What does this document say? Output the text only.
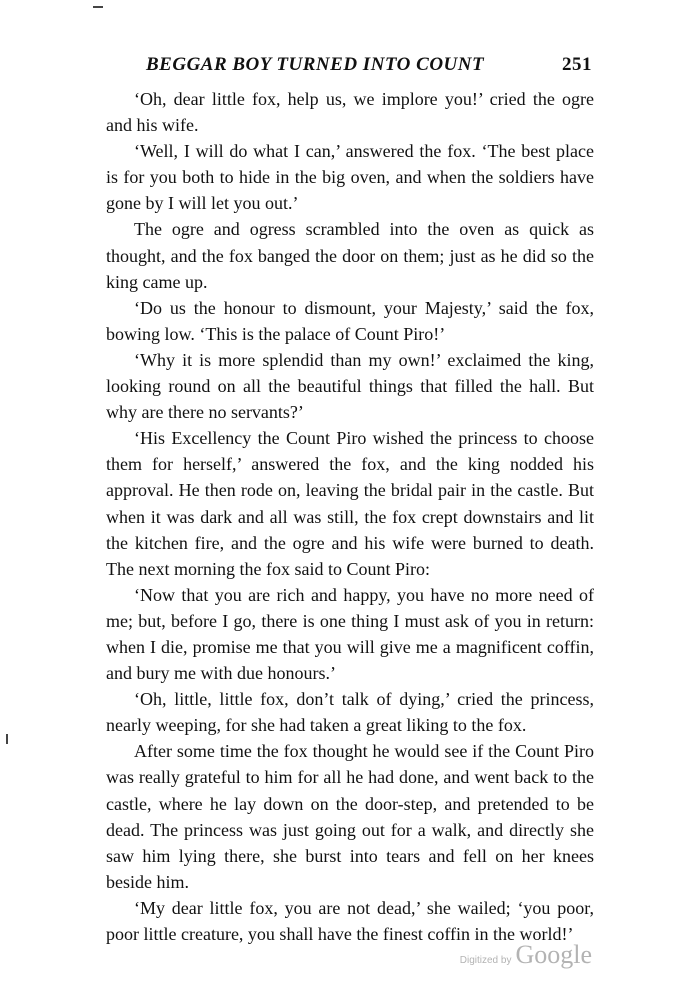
BEGGAR BOY TURNED INTO COUNT	251

‘Oh, dear little fox, help us, we implore you!’ cried the ogre and his wife.

‘Well, I will do what I can,’ answered the fox. ‘The best place is for you both to hide in the big oven, and when the soldiers have gone by I will let you out.’

The ogre and ogress scrambled into the oven as quick as thought, and the fox banged the door on them; just as he did so the king came up.

‘Do us the honour to dismount, your Majesty,’ said the fox, bowing low. ‘This is the palace of Count Piro!’

‘Why it is more splendid than my own!’ exclaimed the king, looking round on all the beautiful things that filled the hall. But why are there no servants?’

‘His Excellency the Count Piro wished the princess to choose them for herself,’ answered the fox, and the king nodded his approval. He then rode on, leaving the bridal pair in the castle. But when it was dark and all was still, the fox crept downstairs and lit the kitchen fire, and the ogre and his wife were burned to death. The next morning the fox said to Count Piro:

‘Now that you are rich and happy, you have no more need of me; but, before I go, there is one thing I must ask of you in return: when I die, promise me that you will give me a magnificent coffin, and bury me with due honours.’

‘Oh, little, little fox, don’t talk of dying,’ cried the princess, nearly weeping, for she had taken a great liking to the fox.

After some time the fox thought he would see if the Count Piro was really grateful to him for all he had done, and went back to the castle, where he lay down on the door-step, and pretended to be dead. The princess was just going out for a walk, and directly she saw him lying there, she burst into tears and fell on her knees beside him.

‘My dear little fox, you are not dead,’ she wailed; ‘you poor, poor little creature, you shall have the finest coffin in the world!’

Digitized by Google
